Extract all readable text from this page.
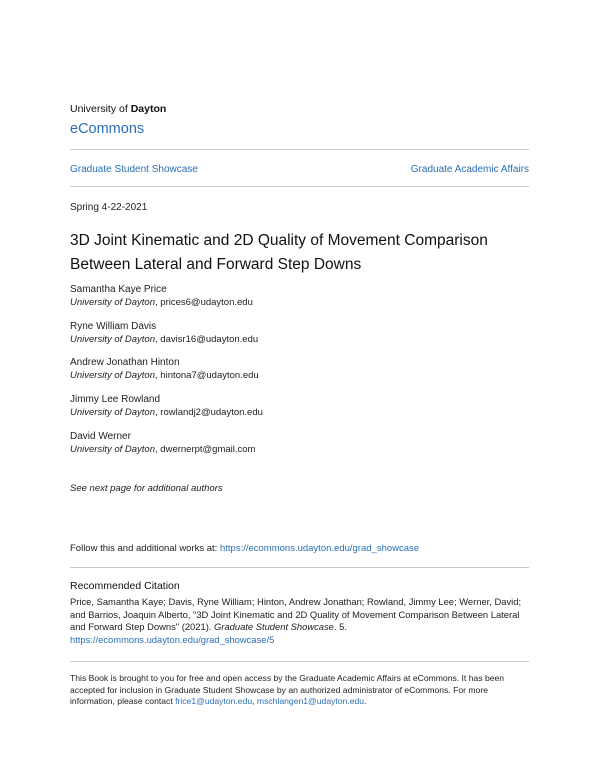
University of Dayton
eCommons
Graduate Student Showcase	Graduate Academic Affairs
Spring 4-22-2021
3D Joint Kinematic and 2D Quality of Movement Comparison Between Lateral and Forward Step Downs
Samantha Kaye Price
University of Dayton, prices6@udayton.edu
Ryne William Davis
University of Dayton, davisr16@udayton.edu
Andrew Jonathan Hinton
University of Dayton, hintona7@udayton.edu
Jimmy Lee Rowland
University of Dayton, rowlandj2@udayton.edu
David Werner
University of Dayton, dwernerpt@gmail.com
See next page for additional authors
Follow this and additional works at: https://ecommons.udayton.edu/grad_showcase
Recommended Citation
Price, Samantha Kaye; Davis, Ryne William; Hinton, Andrew Jonathan; Rowland, Jimmy Lee; Werner, David; and Barrios, Joaquin Alberto, "3D Joint Kinematic and 2D Quality of Movement Comparison Between Lateral and Forward Step Downs" (2021). Graduate Student Showcase. 5.
https://ecommons.udayton.edu/grad_showcase/5
This Book is brought to you for free and open access by the Graduate Academic Affairs at eCommons. It has been accepted for inclusion in Graduate Student Showcase by an authorized administrator of eCommons. For more information, please contact frice1@udayton.edu, mschlangen1@udayton.edu.
